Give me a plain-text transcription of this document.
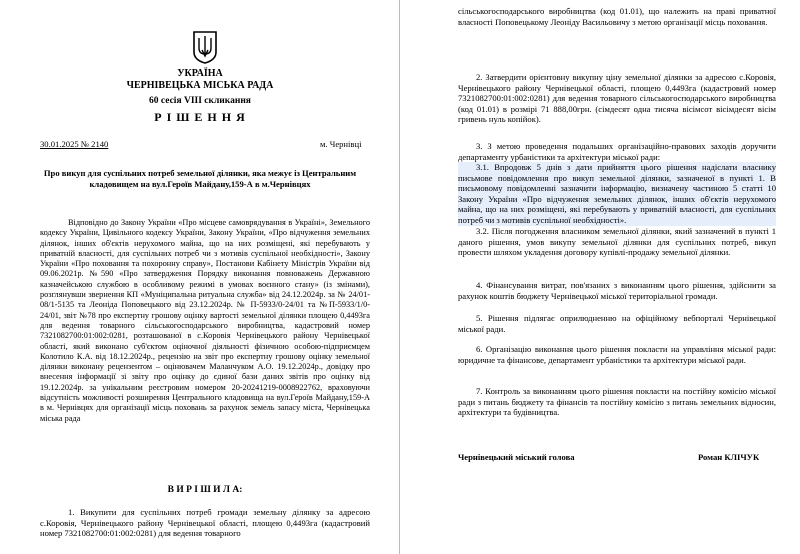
УКРАЇНА
ЧЕРНІВЕЦЬКА МІСЬКА РАДА
60 сесія VIII скликання
Р І Ш Е Н Н Я
30.01.2025 № 2140	м. Чернівці
Про викуп для суспільних потреб земельної ділянки, яка межує із Центральним кладовищем на вул.Героїв Майдану,159-А в м.Чернівцях
Відповідно до Закону України «Про місцеве самоврядування в Україні», Земельного кодексу України, Цивільного кодексу України, Закону України, «Про відчуження земельних ділянок, інших об'єктів нерухомого майна, що на них розміщені, які перебувають у приватній власності, для суспільних потреб чи з мотивів суспільної необхідності», Закону України «Про поховання та похоронну справу», Постанови Кабінету Міністрів України від 09.06.2021р. №590 «Про затвердження Порядку виконання повноважень Державною казначейською службою в особливому режимі в умовах воєнного стану» (із змінами), розглянувши звернення КП «Муніципальна ритуальна служба» від 24.12.2024р. за № 24/01-08/1-5135 та Леоніда Поповецького від 23.12.2024р. № П-5933/0-24/01 та №П-5933/1/0-24/01, звіт №78 про експертну грошову оцінку вартості земельної ділянки площею 0,4493га для ведення товарного сільськогосподарського виробництва, кадастровий номер 7321082700:01:002:0281, розташованої в с.Коровія Чернівецького району Чернівецької області, який виконано суб'єктом оціночної діяльності фізичною особою-підприємцем Колотило К.А. від 18.12.2024р., рецензію на звіт про експертну грошову оцінку земельної ділянки виконану рецензентом – оцінювачем Маланчуком А.О. 19.12.2024р., довідку про внесення інформації зі звіту про оцінку до єдиної бази даних звітів про оцінку від 19.12.2024р. за унікальним реєстровим номером 20-20241219-0008922762, враховуючи відсутність можливості розширення Центрального кладовища на вул.Героїв Майдану,159-А в м. Чернівцях для організації місць поховань за рахунок земель запасу міста, Чернівецька міська рада
В И Р І Ш И Л А:
1. Викупити для суспільних потреб громади земельну ділянку за адресою с.Коровія, Чернівецького району Чернівецької області, площею 0,4493га (кадастровий номер 7321082700:01:002:0281) для ведення товарного
сільськогосподарського виробництва (код 01.01), що належить на праві приватної власності Поповецькому Леоніду Васильовичу з метою організації місць поховання.
2. Затвердити орієнтовну викупну ціну земельної ділянки за адресою с.Коровія, Чернівецького району Чернівецької області, площею 0,4493га (кадастровий номер 7321082700:01:002:0281) для ведення товарного сільськогосподарського виробництва (код 01.01) в розмірі 71 888,00грн. (сімдесят одна тисяча вісімсот вісімдесят вісім гривень нуль копійок).
3. З метою проведення подальших організаційно-правових заходів доручити департаменту урбаністики та архітектури міської ради:
3.1. Впродовж 5 днів з дати прийняття цього рішення надіслати власнику письмове повідомлення про викуп земельної ділянки, зазначеної в пункті 1. В письмовому повідомленні зазначити інформацію, визначену частиною 5 статті 10 Закону України «Про відчуження земельних ділянок, інших об'єктів нерухомого майна, що на них розміщені, які перебувають у приватній власності, для суспільних потреб чи з мотивів суспільної необхідності».
3.2. Після погодження власником земельної ділянки, який зазначений в пункті 1 даного рішення, умов викупу земельної ділянки для суспільних потреб, викуп провести шляхом укладення договору купівлі-продажу земельної ділянки.
4. Фінансування витрат, пов'язаних з виконанням цього рішення, здійснити за рахунок коштів бюджету Чернівецької міської територіальної громади.
5. Рішення підлягає оприлюдненню на офіційному вебпорталі Чернівецької міської ради.
6. Організацію виконання цього рішення покласти на управління міської ради: юридичне та фінансове, департамент урбаністики та архітектури міської ради.
7. Контроль за виконанням цього рішення покласти на постійну комісію міської ради з питань бюджету та фінансів та постійну комісію з питань земельних відносин, архітектури та будівництва.
Чернівецький міський голова	Роман КЛІЧУК
